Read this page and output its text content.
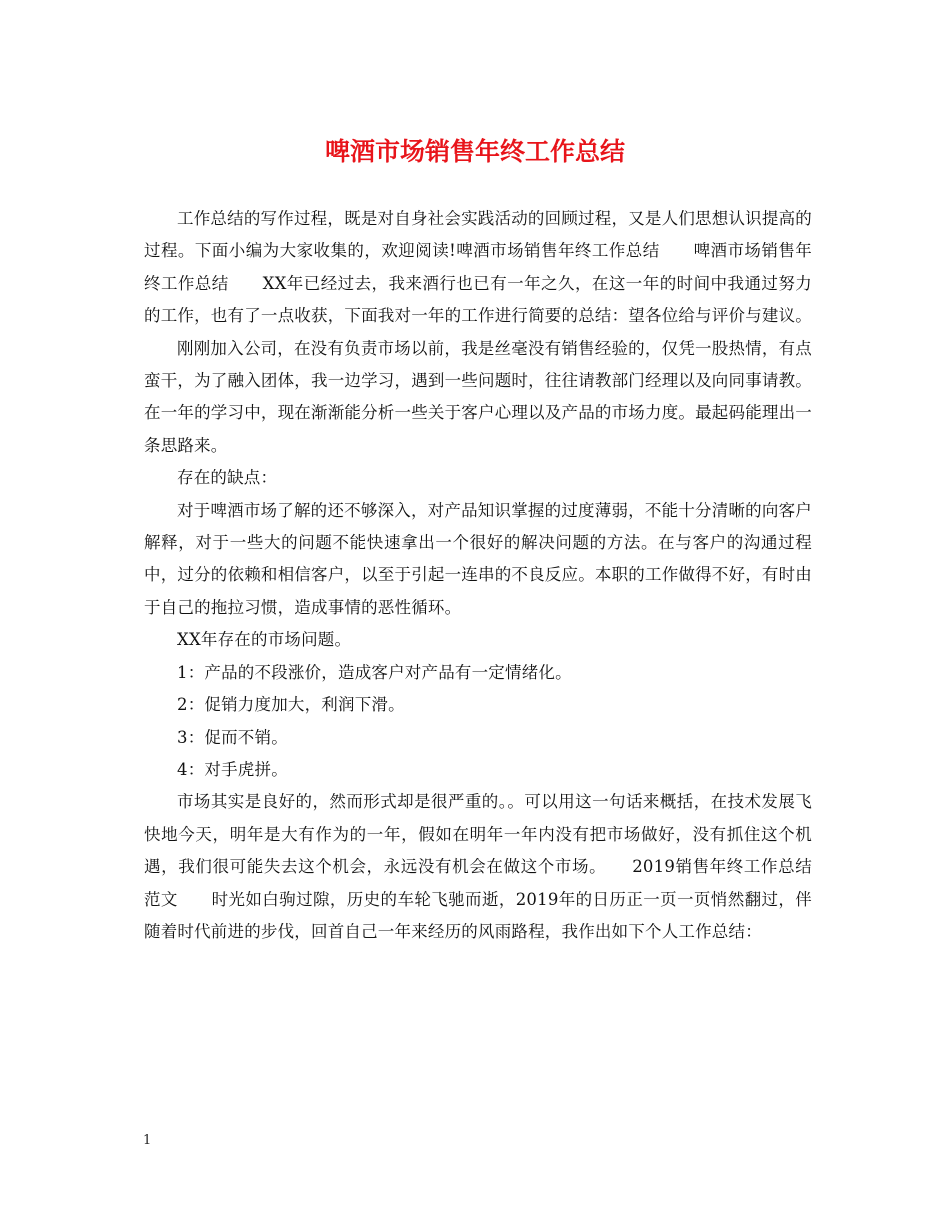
啤酒市场销售年终工作总结

工作总结的写作过程，既是对自身社会实践活动的回顾过程，又是人们思想认识提高的过程。下面小编为大家收集的，欢迎阅读!啤酒市场销售年终工作总结　　啤酒市场销售年终工作总结　　XX年已经过去，我来酒行也已有一年之久，在这一年的时间中我通过努力的工作，也有了一点收获，下面我对一年的工作进行简要的总结：望各位给与评价与建议。

刚刚加入公司，在没有负责市场以前，我是丝毫没有销售经验的，仅凭一股热情，有点蛮干，为了融入团体，我一边学习，遇到一些问题时，往往请教部门经理以及向同事请教。在一年的学习中，现在渐渐能分析一些关于客户心理以及产品的市场力度。最起码能理出一条思路来。

存在的缺点：

对于啤酒市场了解的还不够深入，对产品知识掌握的过度薄弱，不能十分清晰的向客户解释，对于一些大的问题不能快速拿出一个很好的解决问题的方法。在与客户的沟通过程中，过分的依赖和相信客户，以至于引起一连串的不良反应。本职的工作做得不好，有时由于自己的拖拉习惯，造成事情的恶性循环。

XX年存在的市场问题。

1：产品的不段涨价，造成客户对产品有一定情绪化。

2：促销力度加大，利润下滑。

3：促而不销。

4：对手虎拼。

市场其实是良好的，然而形式却是很严重的。。可以用这一句话来概括，在技术发展飞快地今天，明年是大有作为的一年，假如在明年一年内没有把市场做好，没有抓住这个机遇，我们很可能失去这个机会，永远没有机会在做这个市场。　　2019销售年终工作总结范文　　时光如白驹过隙，历史的车轮飞驰而逝，2019年的日历正一页一页悄然翻过，伴随着时代前进的步伐，回首自己一年来经历的风雨路程，我作出如下个人工作总结：

1
